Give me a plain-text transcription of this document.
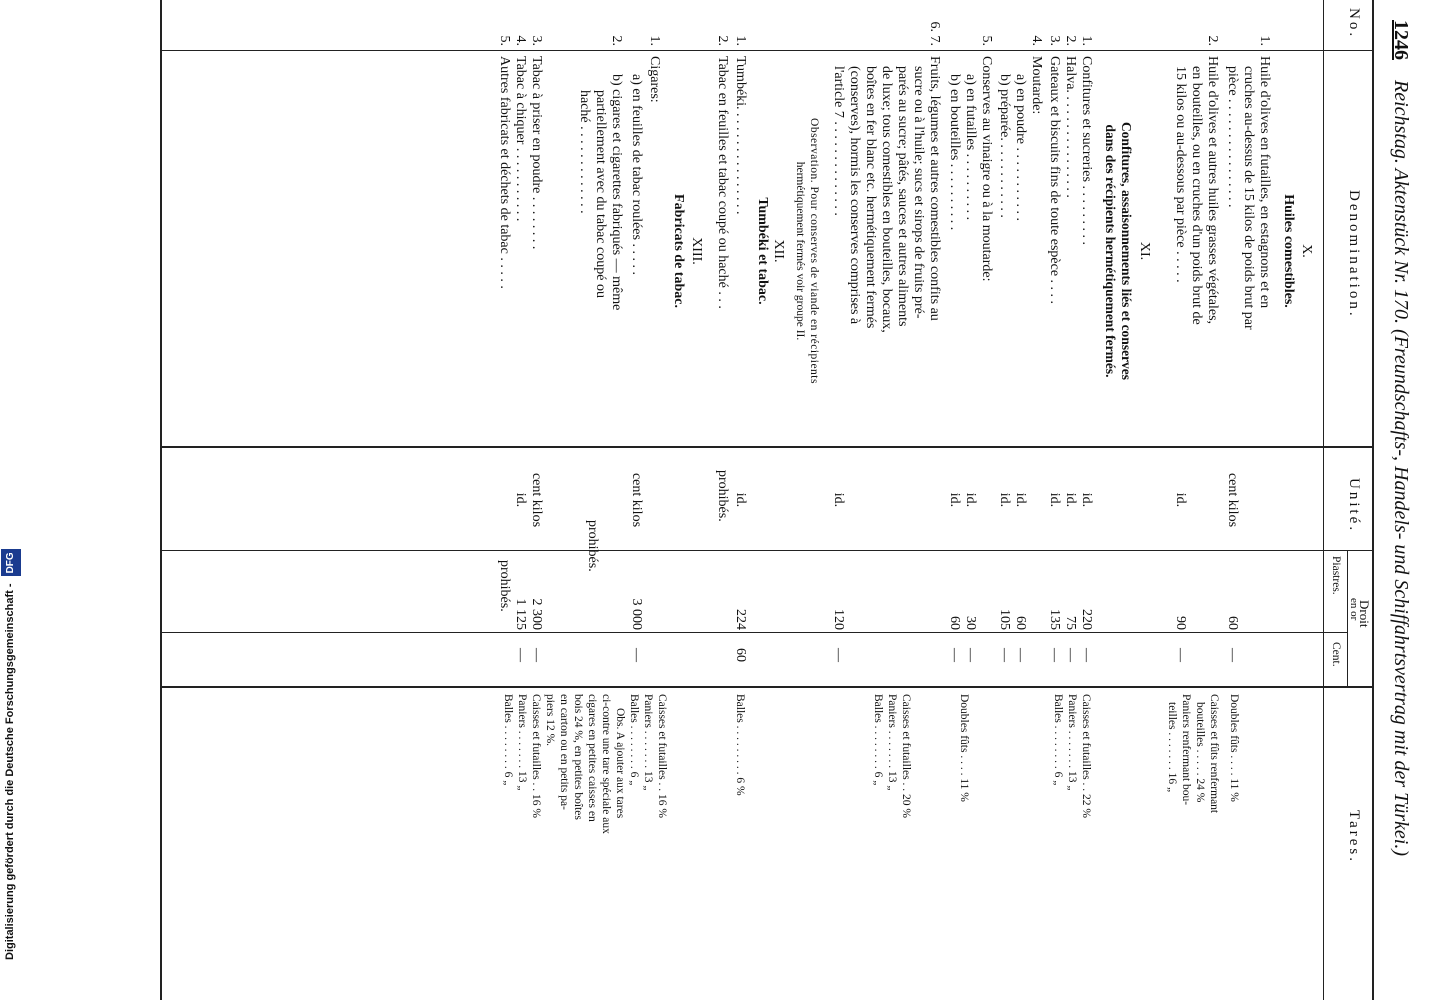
1246    Reichstag. Aktenstück Nr. 170. (Freundschafts-, Handels- und Schiffahrtsvertrag mit der Türkei.)
No.
Denomination.
Unité.
Droit
en or
Piastres.
Cent.
Tares.
X.
Huiles comestibles.
1.
Huile d'olives en futailles, en estagnons et en
cruches au-dessus de 15 kilos de poids brut par
pièce . . . . . . . . . . . . . . . .
cent kilos
60
—
Doubles fûts . . . . 11 %
2.
Huile d'olives et autres huiles grasses végétales,
en bouteilles, ou en cruches d'un poids brut de
15 kilos ou au-dessous par pièce . . . . .
id.
90
—
Caisses et fûts renfermant
bouteilles . . . . . 24 %
Paniers renfermant bou-
teilles . . . . . . . 16 „
XI.
Confitures, assaisonnements liés et conserves
dans des récipients hermétiquement fermés.
1.
Confitures et sucreries . . . . . . . . .
id.
220
—
2.
Halva. . . . . . . . . . . . . . . .
id.
75
—
3.
Gateaux et biscuits fins de toute espèce . . . .
id.
135
—
Caisses et futailles . . 22 %
Paniers . . . . . . . 13 „
Balles . . . . . . . . 6 „
4.
Moutarde:
a) en poudre . . . . . . . . . . .
id.
60
—
b) préparée. . . . . . . . . . . .
id.
105
—
5.
Conserves au vinaigre ou à la moutarde:
a) en futailles . . . . . . . . . .
id.
30
—
b) en bouteilles . . . . . . . . . .
id.
60
—
Doubles fûts . . . . 11 %
6. 7.
Fruits, légumes et autres comestibles confits au
sucre ou à l'huile; sucs et sirops de fruits pré-
parés au sucre; pâtés, sauces et autres aliments
de luxe; tous comestibles en bouteilles, bocaux,
boîtes en fer blanc etc. hermétiquement fermés
(conserves), hormis les conserves comprises à
l'article 7 . . . . . . . . . . . . . .
id.
120
—
Caisses et futailles . . 20 %
Paniers . . . . . . . 13 „
Balles . . . . . . . . 6 „
Observation. Pour conserves de viande en récipients
hermétiquement fermés voir groupe II.
XII.
Tumbéki et tabac.
1.
Tumbéki. . . . . . . . . . . . . . . .
id.
224
60
Balles . . . . . . . . . 6 %
2.
Tabac en feuilles et tabac coupé ou haché . . .
prohibés.
XIII.
Fabricats de tabac.
1.
Cigares:
a) en feuilles de tabac roulées . . . . .
cent kilos
3 000
—
2.
b) cigares et cigarettes fabriqués — même
partiellement avec du tabac coupé ou
haché . . . . . . . . . . . . .
prohibés.
Caisses et futailles . . 16 %
Paniers . . . . . . . 13 „
Balles . . . . . . . . 6 „
Obs. A ajouter aux tares
ci-contre une tare spéciale aux
cigares en petites caisses en
bois 24 %, en petites boîtes
en carton ou en petits pa-
piers 12 %.
3.
Tabac à priser en poudre . . . . . . . .
cent kilos
2 300
—
4.
Tabac à chiquer . . . . . . . . . . .
id.
1 125
—
5.
Autres fabricats et déchets de tabac . . . . .
prohibés.
Caisses et futailles . . 16 %
Paniers . . . . . . . 13 „
Balles . . . . . . . . 6 „
Digitalisierung gefördert durch die Deutsche Forschungsgemeinschaft - DFG
